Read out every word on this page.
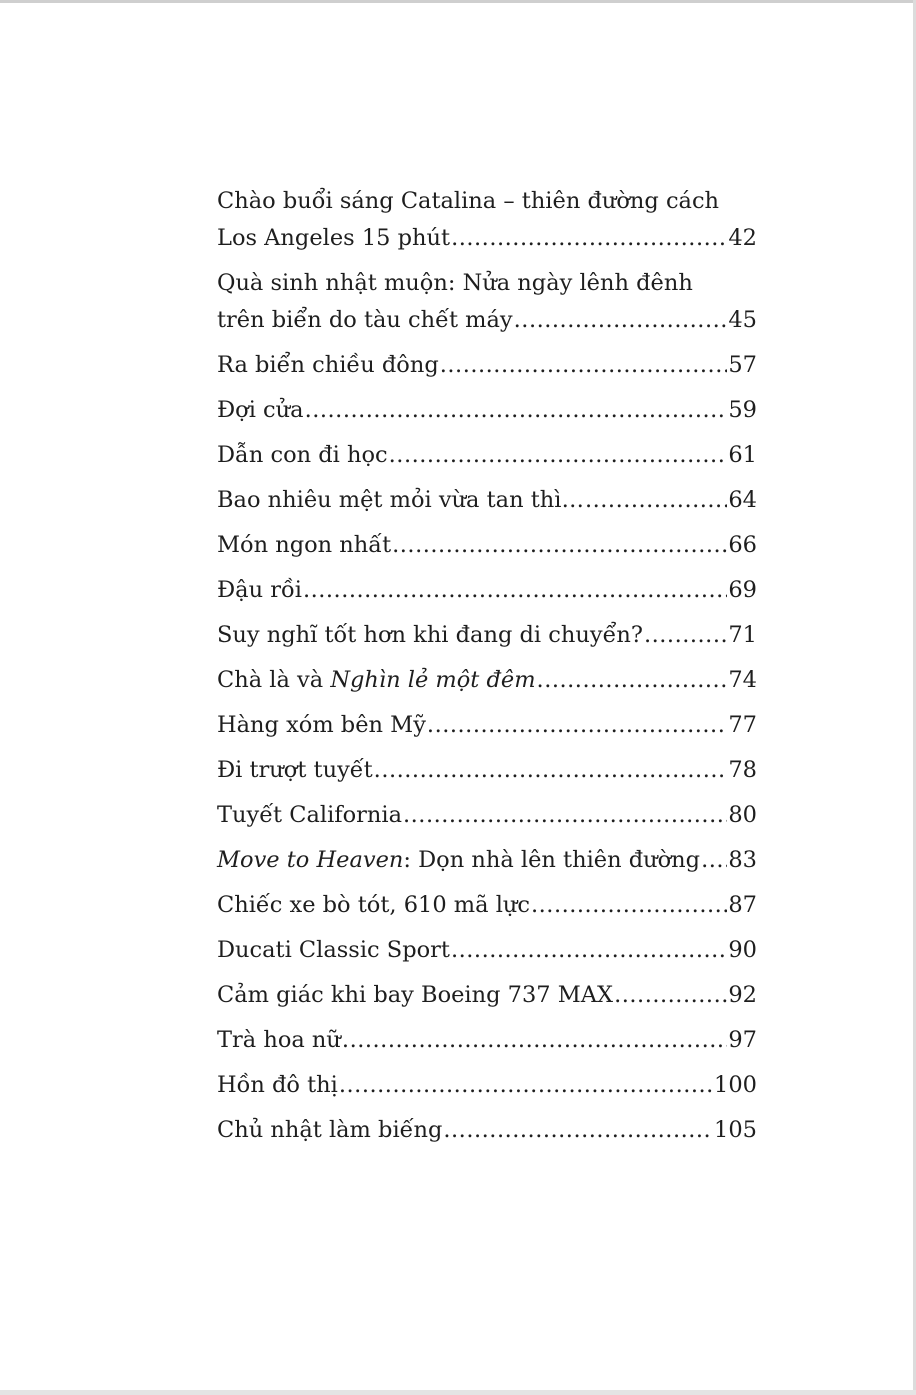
Chào buổi sáng Catalina – thiên đường cách
Los Angeles 15 phút .....	42
Quà sinh nhật muộn: Nửa ngày lênh đênh
trên biển do tàu chết máy .....	45
Ra biển chiều đông .....	57
Đợi cửa .....	59
Dẫn con đi học .....	61
Bao nhiêu mệt mỏi vừa tan thì… .....	64
Món ngon nhất .....	66
Đậu rồi .....	69
Suy nghĩ tốt hơn khi đang di chuyển? .....	71
Chà là và Nghìn lẻ một đêm .....	74
Hàng xóm bên Mỹ .....	77
Đi trượt tuyết .....	78
Tuyết California .....	80
Move to Heaven: Dọn nhà lên thiên đường ..... 83
Chiếc xe bò tót, 610 mã lực .....	87
Ducati Classic Sport .....	90
Cảm giác khi bay Boeing 737 MAX .....	92
Trà hoa nữ .....	97
Hồn đô thị .....	100
Chủ nhật làm biếng .....	105
